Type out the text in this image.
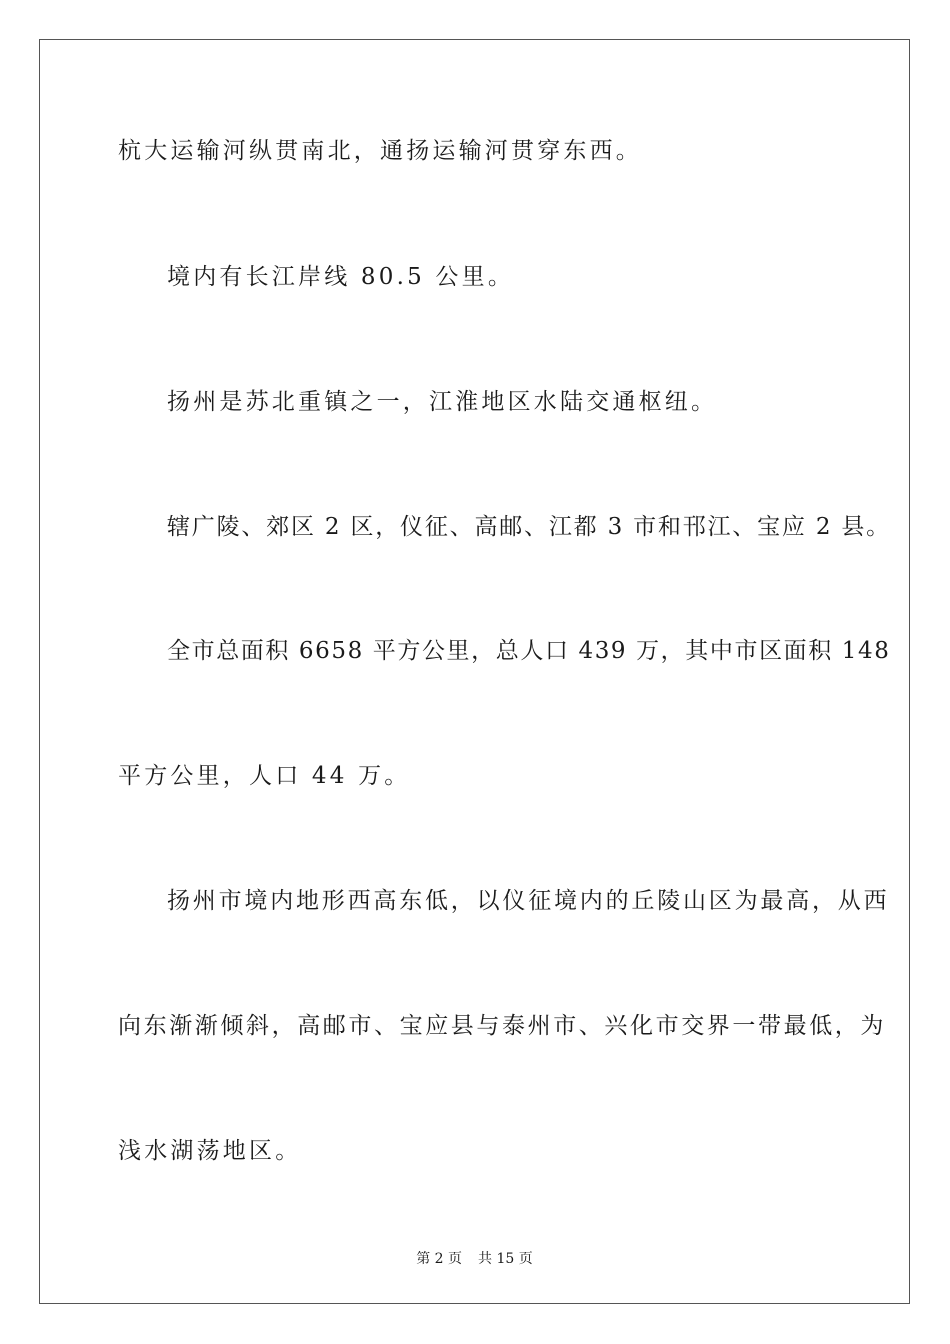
杭大运输河纵贯南北，通扬运输河贯穿东西。

境内有长江岸线 80.5 公里。

扬州是苏北重镇之一，江淮地区水陆交通枢纽。

辖广陵、郊区 2 区，仪征、高邮、江都 3 市和邗江、宝应 2 县。

全市总面积 6658 平方公里，总人口 439 万，其中市区面积 148

平方公里，人口 44 万。

扬州市境内地形西高东低，以仪征境内的丘陵山区为最高，从西

向东渐渐倾斜，高邮市、宝应县与泰州市、兴化市交界一带最低，为

浅水湖荡地区。

第 2 页 共 15 页
